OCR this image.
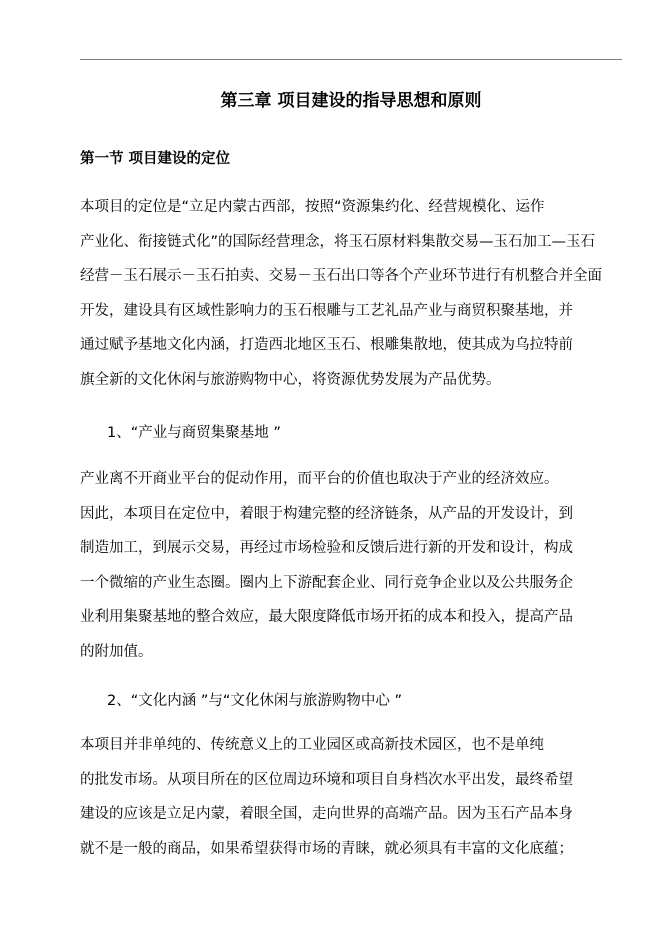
第三章 项目建设的指导思想和原则
第一节 项目建设的定位
本项目的定位是“立足内蒙古西部，按照“资源集约化、经营规模化、运作
产业化、衔接链式化”的国际经营理念，将玉石原材料集散交易—玉石加工—玉石
经营－玉石展示－玉石拍卖、交易－玉石出口等各个产业环节进行有机整合并全面
开发，建设具有区域性影响力的玉石根雕与工艺礼品产业与商贸积聚基地，并
通过赋予基地文化内涵，打造西北地区玉石、根雕集散地，使其成为乌拉特前
旗全新的文化休闲与旅游购物中心，将资源优势发展为产品优势。
1、“产业与商贸集聚基地 ”
产业离不开商业平台的促动作用，而平台的价值也取决于产业的经济效应。
因此，本项目在定位中，着眼于构建完整的经济链条，从产品的开发设计，到
制造加工，到展示交易，再经过市场检验和反馈后进行新的开发和设计，构成
一个微缩的产业生态圈。圈内上下游配套企业、同行竞争企业以及公共服务企
业利用集聚基地的整合效应，最大限度降低市场开拓的成本和投入，提高产品
的附加值。
2、“文化内涵 ”与“文化休闲与旅游购物中心 ”
本项目并非单纯的、传统意义上的工业园区或高新技术园区，也不是单纯
的批发市场。从项目所在的区位周边环境和项目自身档次水平出发，最终希望
建设的应该是立足内蒙，着眼全国，走向世界的高端产品。因为玉石产品本身
就不是一般的商品，如果希望获得市场的青睐，就必须具有丰富的文化底蕴；
